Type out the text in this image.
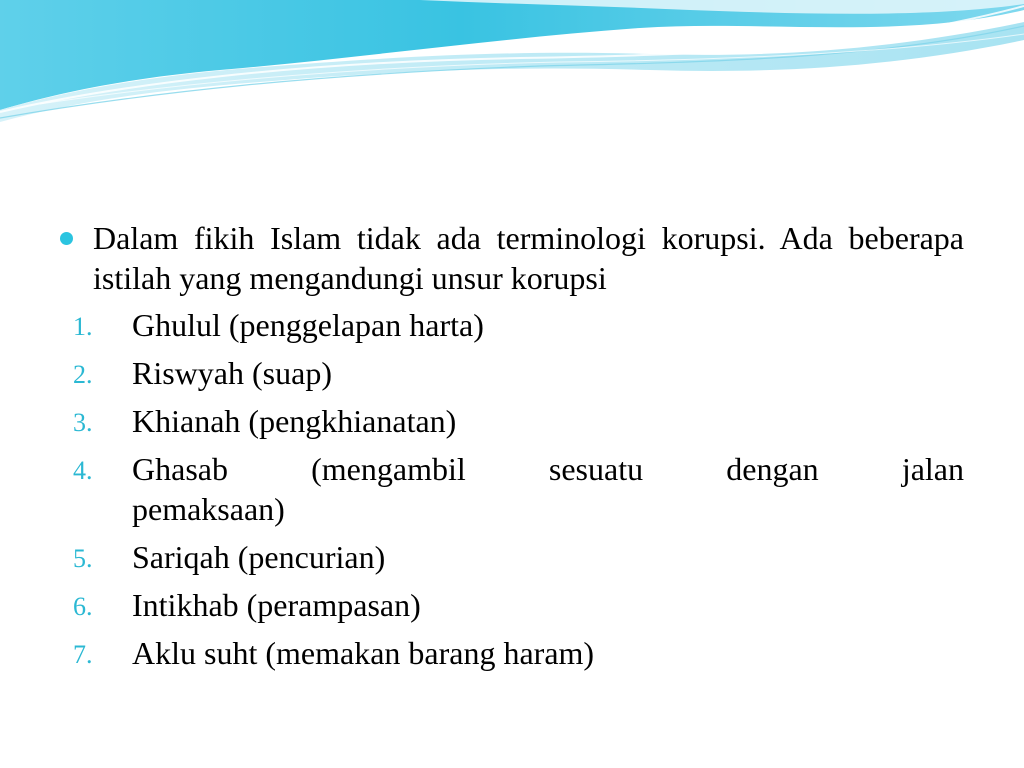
Dalam fikih Islam tidak ada terminologi korupsi. Ada beberapa istilah yang mengandungi unsur korupsi
1. Ghulul (penggelapan harta)
2. Riswyah (suap)
3. Khianah (pengkhianatan)
4. Ghasab (mengambil sesuatu dengan jalan
pemaksaan)
5. Sariqah (pencurian)
6. Intikhab (perampasan)
7. Aklu suht (memakan barang haram)
